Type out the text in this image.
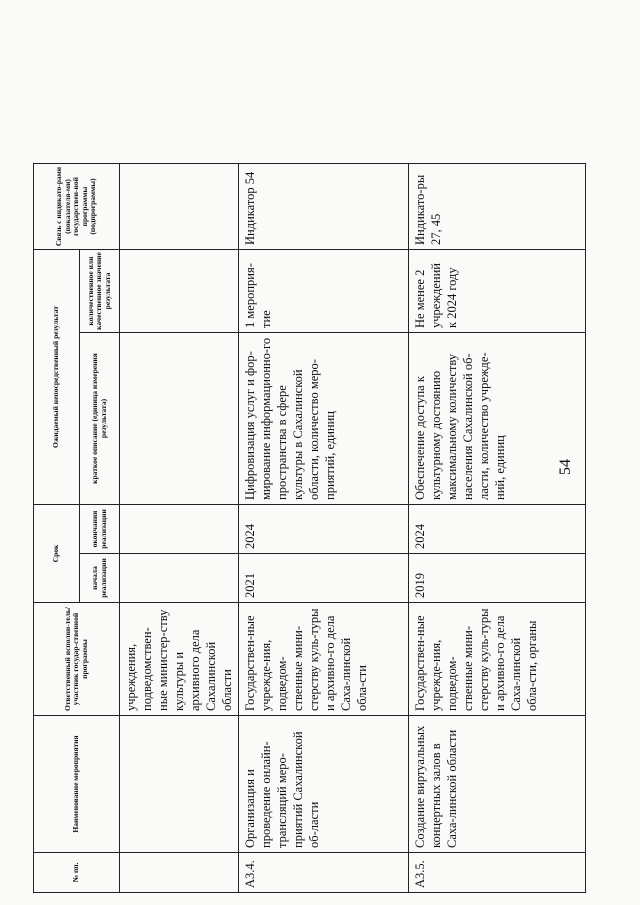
54
№ пп.	Наименование мероприятия	Ответственный исполни-тель/участник государ-ственной программы	Срок		Ожидаемый непосредственный результат		Связь с индикато-рами (показателя-ми) государствен-ной программы (подпрограммы)
			начала реализации	окончания реализации	краткое описание (единица измерения результата)	количественное или качественное значение результата	
		учреждения, подведомствен-ные министер-ству культуры и архивного дела Сахалинской области					
А3.4.	Организация и проведение онлайн-трансляций меро-приятий Сахалинской об-ласти	Государствен-ные учрежде-ния, подведом-ственные мини-стерству куль-туры и архивно-го дела Саха-линской обла-сти	2021	2024	Цифровизация услуг и фор-мирование информационно-го пространства в сфере культуры в Сахалинской области, количество меро-приятий, единиц	1 мероприя-тие	Индикатор 54
А3.5.	Создание виртуальных концертных залов в Саха-линской области	Государствен-ные учрежде-ния, подведом-ственные мини-стерству куль-туры и архивно-го дела Саха-линской обла-сти, органы	2019	2024	Обеспечение доступа к культурному достоянию максимальному количеству населения Сахалинской об-ласти, количество учрежде-ний, единиц	Не менее 2 учреждений к 2024 году	Индикато-ры 27, 45
